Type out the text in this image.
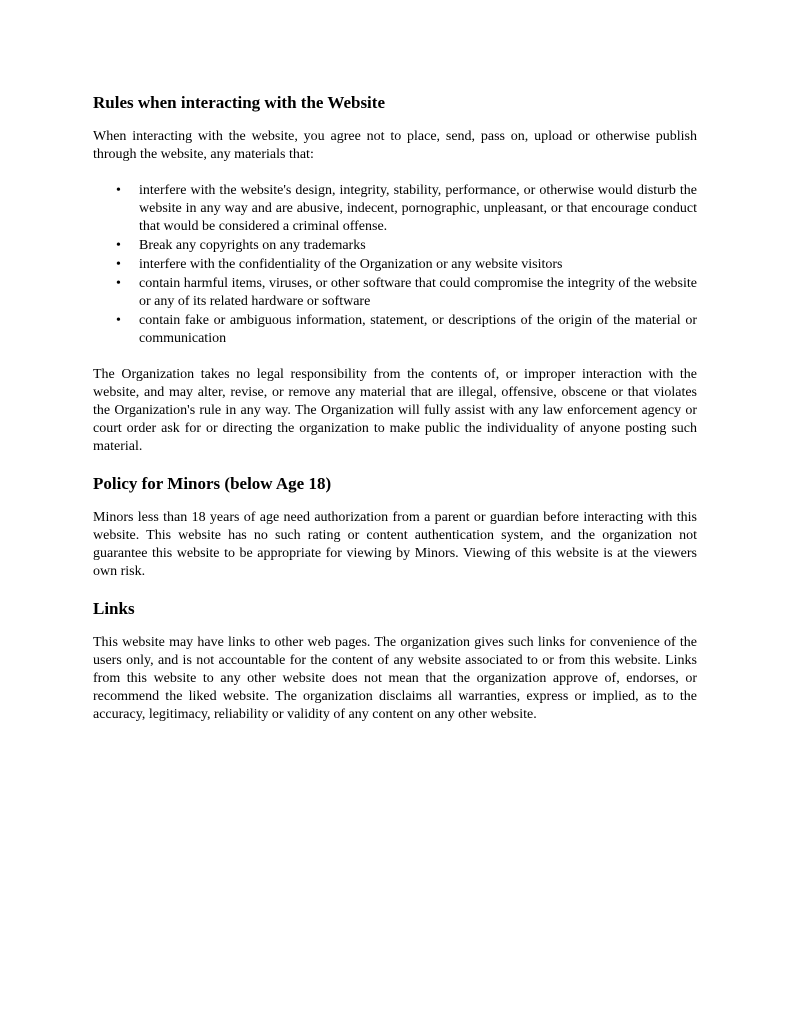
Rules when interacting with the Website

When interacting with the website, you agree not to place, send, pass on, upload or otherwise publish through the website, any materials that:

• interfere with the website's design, integrity, stability, performance, or otherwise would disturb the website in any way and are abusive, indecent, pornographic, unpleasant, or that encourage conduct that would be considered a criminal offense.
• Break any copyrights on any trademarks
• interfere with the confidentiality of the Organization or any website visitors
• contain harmful items, viruses, or other software that could compromise the integrity of the website or any of its related hardware or software
• contain fake or ambiguous information, statement, or descriptions of the origin of the material or communication

The Organization takes no legal responsibility from the contents of, or improper interaction with the website, and may alter, revise, or remove any material that are illegal, offensive, obscene or that violates the Organization's rule in any way. The Organization will fully assist with any law enforcement agency or court order ask for or directing the organization to make public the individuality of anyone posting such material.

Policy for Minors (below Age 18)

Minors less than 18 years of age need authorization from a parent or guardian before interacting with this website. This website has no such rating or content authentication system, and the organization not guarantee this website to be appropriate for viewing by Minors. Viewing of this website is at the viewers own risk.

Links

This website may have links to other web pages. The organization gives such links for convenience of the users only, and is not accountable for the content of any website associated to or from this website. Links from this website to any other website does not mean that the organization approve of, endorses, or recommend the liked website. The organization disclaims all warranties, express or implied, as to the accuracy, legitimacy, reliability or validity of any content on any other website.
